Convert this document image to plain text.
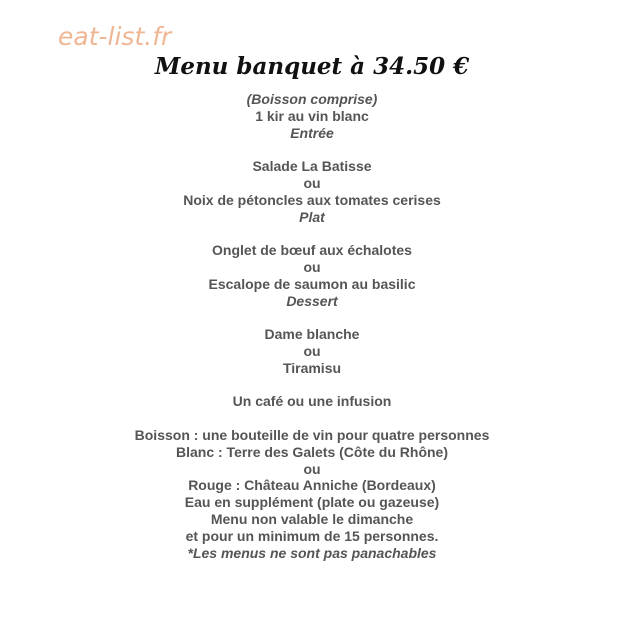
eat-list.fr
Menu banquet à 34.50 €
(Boisson comprise)
1 kir au vin blanc
Entrée
Salade La Batisse
ou
Noix de pétoncles aux tomates cerises
Plat
Onglet de bœuf aux échalotes
ou
Escalope de saumon au basilic
Dessert
Dame blanche
ou
Tiramisu
Un café ou une infusion
Boisson : une bouteille de vin pour quatre personnes
Blanc : Terre des Galets (Côte du Rhône)
ou
Rouge : Château Anniche (Bordeaux)
Eau en supplément (plate ou gazeuse)
Menu non valable le dimanche
et pour un minimum de 15 personnes.
*Les menus ne sont pas panachables
